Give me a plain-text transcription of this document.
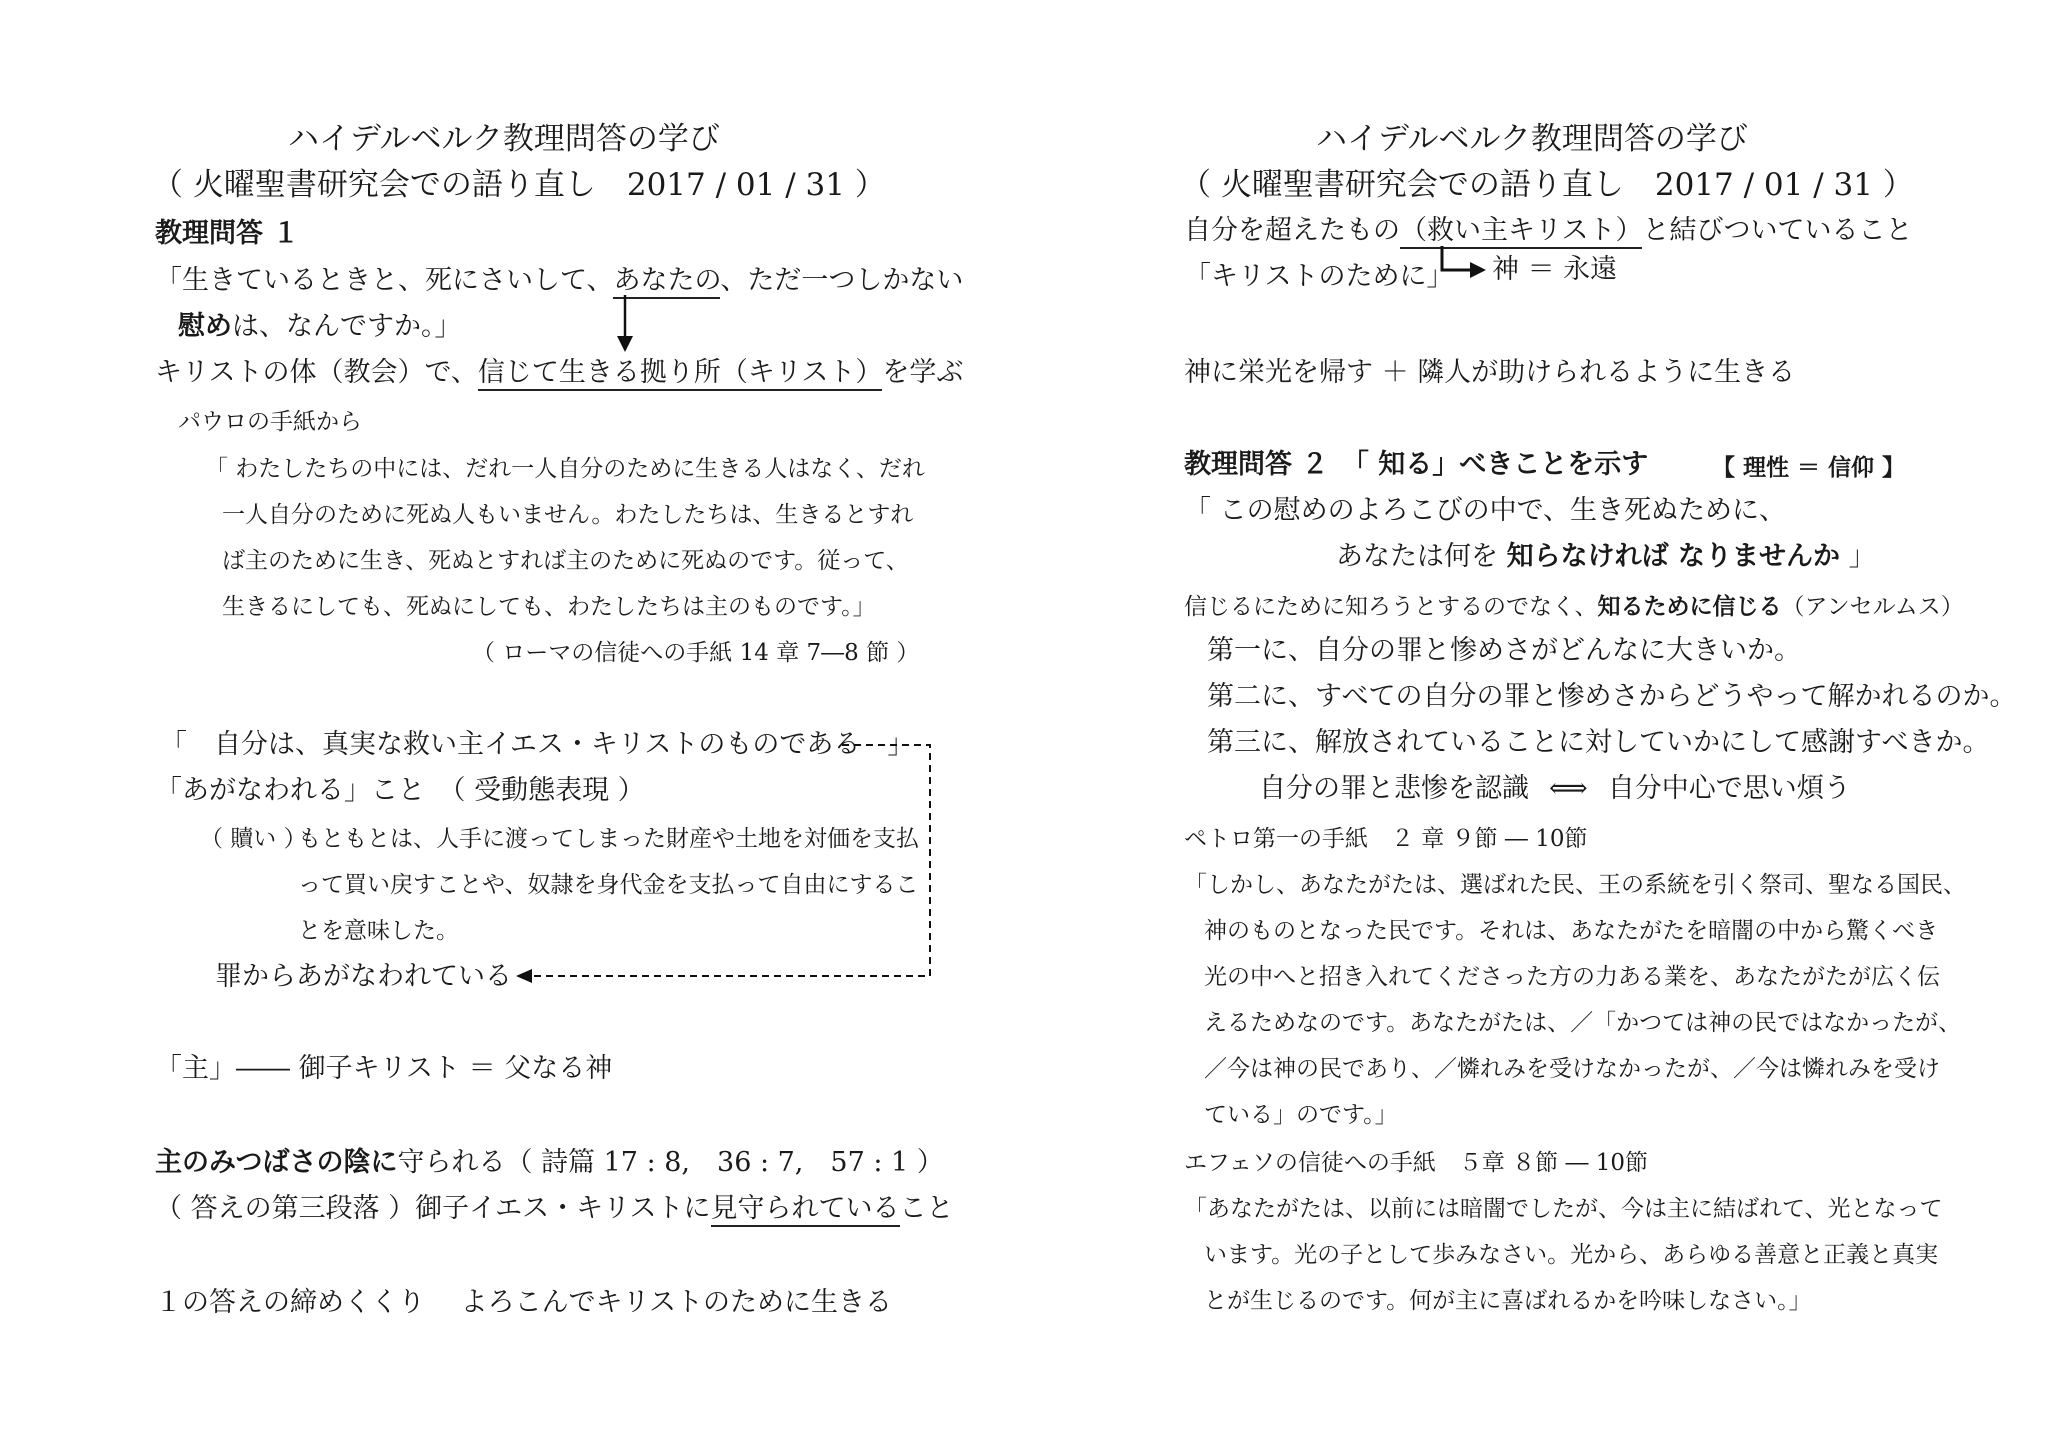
ハイデルベルク教理問答の学び
（ 火曜聖書研究会での語り直し　2017 / 01 / 31 ）
教理問答 １
「生きているときと、死にさいして、あなたの、ただ一つしかない
慰めは、なんですか。」
キリストの体（教会）で、信じて生きる拠り所（キリスト）を学ぶ
パウロの手紙から
「 わたしたちの中には、だれ一人自分のために生きる人はなく、だれ
一人自分のために死ぬ人もいません。わたしたちは、生きるとすれ
ば主のために生き、死ぬとすれば主のために死ぬのです。従って、
生きるにしても、死ぬにしても、わたしたちは主のものです。」
（ ローマの信徒への手紙 14 章 7―8 節 ）
「　自分は、真実な救い主イエス・キリストのものである　」
「あがなわれる」こと　（ 受動態表現 ）
（ 贖い ）
もともとは、人手に渡ってしまった財産や土地を対価を支払
って買い戻すことや、奴隷を身代金を支払って自由にするこ
とを意味した。
罪からあがなわれている
「主」―― 御子キリスト ＝ 父なる神
主のみつばさの陰に守られる（ 詩篇 17 : 8,　36 : 7,　57 : 1 ）
（ 答えの第三段落 ）御子イエス・キリストに見守られていること
１の答えの締めくくり　 よろこんでキリストのために生きる
ハイデルベルク教理問答の学び
（ 火曜聖書研究会での語り直し　2017 / 01 / 31 ）
自分を超えたもの（救い主キリスト）と結びついていること
「キリストのために」 神 ＝ 永遠
神に栄光を帰す ＋ 隣人が助けられるように生きる
教理問答 ２　「 知る」べきことを示す	【 理性 ＝ 信仰 】
「 この慰めのよろこびの中で、生き死ぬために、
あなたは何を 知らなければ なりませんか 」
信じるにために知ろうとするのでなく、知るために信じる（アンセルムス）
第一に、自分の罪と惨めさがどんなに大きいか。
第二に、すべての自分の罪と惨めさからどうやって解かれるのか。
第三に、解放されていることに対していかにして感謝すべきか。
自分の罪と悲惨を認識 ⟺ 自分中心で思い煩う
ペトロ第一の手紙　２ 章 ９節 ― 10節
「しかし、あなたがたは、選ばれた民、王の系統を引く祭司、聖なる国民、
神のものとなった民です。それは、あなたがたを暗闇の中から驚くべき
光の中へと招き入れてくださった方の力ある業を、あなたがたが広く伝
えるためなのです。あなたがたは、／「かつては神の民ではなかったが、
／今は神の民であり、／憐れみを受けなかったが、／今は憐れみを受け
ている」のです。」
エフェソの信徒への手紙　５章 ８節 ― 10節
「あなたがたは、以前には暗闇でしたが、今は主に結ばれて、光となって
います。光の子として歩みなさい。光から、あらゆる善意と正義と真実
とが生じるのです。何が主に喜ばれるかを吟味しなさい。」
